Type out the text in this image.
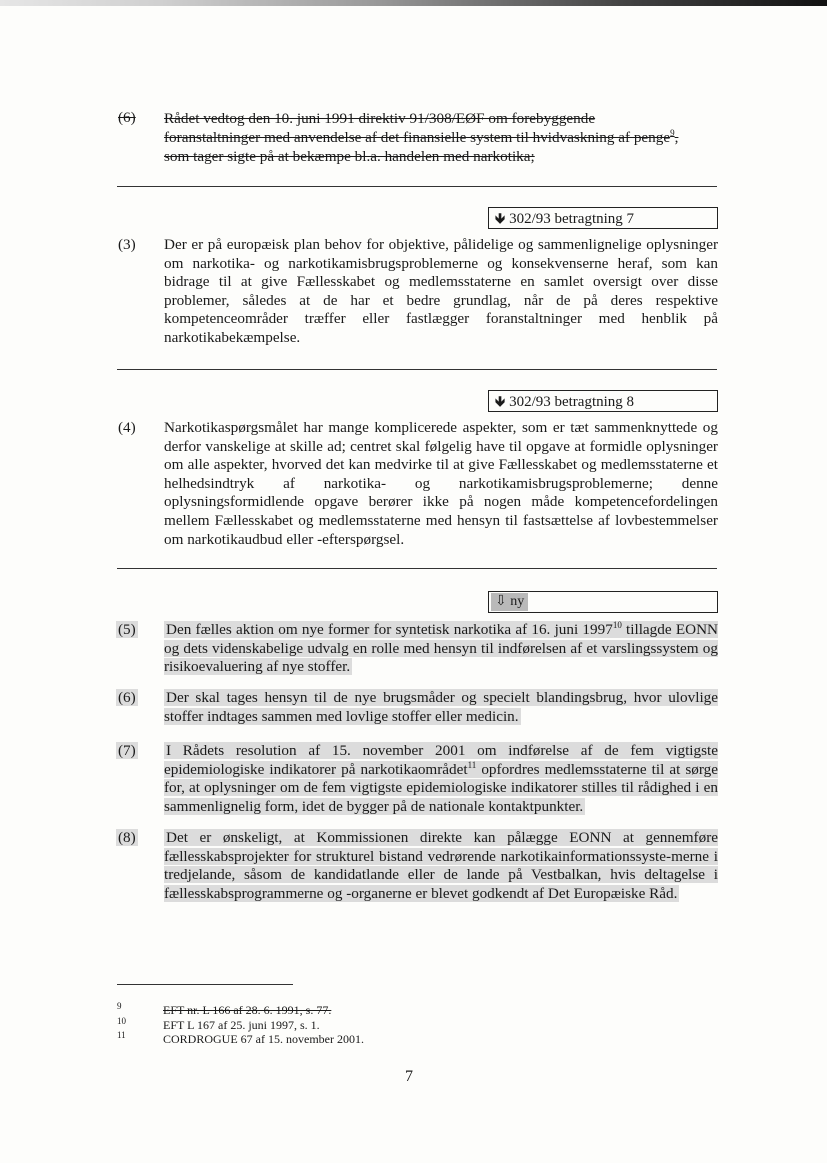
(6) Rådet vedtog den 10. juni 1991 direktiv 91/308/EØF om forebyggende
foranstaltninger med anvendelse af det finansielle system til hvidvaskning af penge$^9$,
som tager sigte på at bekæmpe bl.a. handelen med narkotika;
🡻 302/93 betragtning 7
(3) Der er på europæisk plan behov for objektive, pålidelige og sammenlignelige oplysninger om narkotika- og narkotikamisbrugsproblemerne og konsekvenserne heraf, som kan bidrage til at give Fællesskabet og medlemsstaterne en samlet oversigt over disse problemer, således at de har et bedre grundlag, når de på deres respektive kompetenceområder træffer eller fastlægger foranstaltninger med henblik på narkotikabekæmpelse.
🡻 302/93 betragtning 8
(4) Narkotikaspørgsmålet har mange komplicerede aspekter, som er tæt sammenknyttede og derfor vanskelige at skille ad; centret skal følgelig have til opgave at formidle oplysninger om alle aspekter, hvorved det kan medvirke til at give Fællesskabet og medlemsstaterne et helhedsindtryk af narkotika- og narkotikamisbrugsproblemerne; denne oplysningsformidlende opgave berører ikke på nogen måde kompetencefordelingen mellem Fællesskabet og medlemsstaterne med hensyn til fastsættelse af lovbestemmelser om narkotikaudbud eller -efterspørgsel.
⇩ ny
(5) Den fælles aktion om nye former for syntetisk narkotika af 16. juni 1997$^{10}$ tillagde EONN og dets videnskabelige udvalg en rolle med hensyn til indførelsen af et varslingssystem og risikoevaluering af nye stoffer.
(6) Der skal tages hensyn til de nye brugsmåder og specielt blandingsbrug, hvor ulovlige stoffer indtages sammen med lovlige stoffer eller medicin.
(7) I Rådets resolution af 15. november 2001 om indførelse af de fem vigtigste epidemiologiske indikatorer på narkotikaområdet$^{11}$ opfordres medlemsstaterne til at sørge for, at oplysninger om de fem vigtigste epidemiologiske indikatorer stilles til rådighed i en sammenlignelig form, idet de bygger på de nationale kontaktpunkter.
(8) Det er ønskeligt, at Kommissionen direkte kan pålægge EONN at gennemføre fællesskabsprojekter for strukturel bistand vedrørende narkotikainformationssyste-merne i tredjelande, såsom de kandidatlande eller de lande på Vestbalkan, hvis deltagelse i fællesskabsprogrammerne og -organerne er blevet godkendt af Det Europæiske Råd.
9	EFT nr. L 166 af 28. 6. 1991, s. 77.
10	EFT L 167 af 25. juni 1997, s. 1.
11	CORDROGUE 67 af 15. november 2001.
7
